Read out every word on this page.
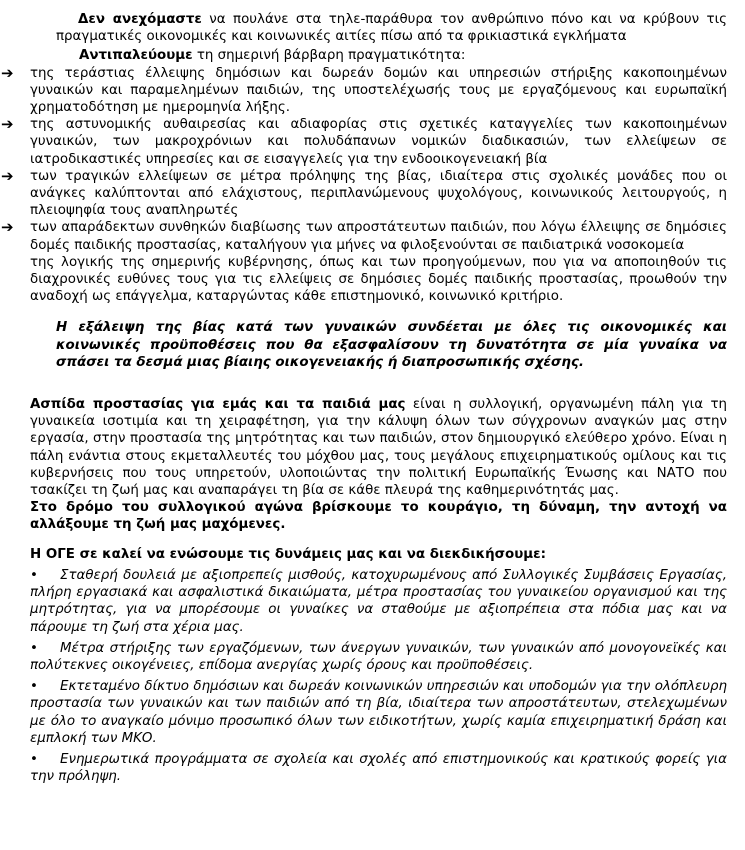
Δεν ανεχόμαστε να πουλάνε στα τηλε-παράθυρα τον ανθρώπινο πόνο και να κρύβουν τις πραγματικές οικονομικές και κοινωνικές αιτίες πίσω από τα φρικιαστικά εγκλήματα

Αντιπαλεύουμε τη σημερινή βάρβαρη πραγματικότητα:

➔ της τεράστιας έλλειψης δημόσιων και δωρεάν δομών και υπηρεσιών στήριξης κακοποιημένων γυναικών και παραμελημένων παιδιών, της υποστελέχωσής τους με εργαζόμενους και ευρωπαϊκή χρηματοδότηση με ημερομηνία λήξης.
➔ της αστυνομικής αυθαιρεσίας και αδιαφορίας στις σχετικές καταγγελίες των κακοποιημένων γυναικών, των μακροχρόνιων και πολυδάπανων νομικών διαδικασιών, των ελλείψεων σε ιατροδικαστικές υπηρεσίες και σε εισαγγελείς για την ενδοοικογενειακή βία
➔ των τραγικών ελλείψεων σε μέτρα πρόληψης της βίας, ιδιαίτερα στις σχολικές μονάδες που οι ανάγκες καλύπτονται από ελάχιστους, περιπλανώμενους ψυχολόγους, κοινωνικούς λειτουργούς, η πλειοψηφία τους αναπληρωτές
➔ των απαράδεκτων συνθηκών διαβίωσης των απροστάτευτων παιδιών, που λόγω έλλειψης σε δημόσιες δομές παιδικής προστασίας, καταλήγουν για μήνες να φιλοξενούνται σε παιδιατρικά νοσοκομεία
της λογικής της σημερινής κυβέρνησης, όπως και των προηγούμενων, που για να αποποιηθούν τις διαχρονικές ευθύνες τους για τις ελλείψεις σε δημόσιες δομές παιδικής προστασίας, προωθούν την αναδοχή ως επάγγελμα, καταργώντας κάθε επιστημονικό, κοινωνικό κριτήριο.

Η εξάλειψη της βίας κατά των γυναικών συνδέεται με όλες τις οικονομικές και κοινωνικές προϋποθέσεις που θα εξασφαλίσουν τη δυνατότητα σε μία γυναίκα να σπάσει τα δεσμά μιας βίαιης οικογενειακής ή διαπροσωπικής σχέσης.

Ασπίδα προστασίας για εμάς και τα παιδιά μας είναι η συλλογική, οργανωμένη πάλη για τη γυναικεία ισοτιμία και τη χειραφέτηση, για την κάλυψη όλων των σύγχρονων αναγκών μας στην εργασία, στην προστασία της μητρότητας και των παιδιών, στον δημιουργικό ελεύθερο χρόνο. Είναι η πάλη ενάντια στους εκμεταλλευτές του μόχθου μας, τους μεγάλους επιχειρηματικούς ομίλους και τις κυβερνήσεις που τους υπηρετούν, υλοποιώντας την πολιτική Ευρωπαϊκής Ένωσης και ΝΑΤΟ που τσακίζει τη ζωή μας και αναπαράγει τη βία σε κάθε πλευρά της καθημερινότητάς μας.

Στο δρόμο του συλλογικού αγώνα βρίσκουμε το κουράγιο, τη δύναμη, την αντοχή να αλλάξουμε τη ζωή μας μαχόμενες.

Η ΟΓΕ σε καλεί να ενώσουμε τις δυνάμεις μας και να διεκδικήσουμε:

• Σταθερή δουλειά με αξιοπρεπείς μισθούς, κατοχυρωμένους από Συλλογικές Συμβάσεις Εργασίας, πλήρη εργασιακά και ασφαλιστικά δικαιώματα, μέτρα προστασίας του γυναικείου οργανισμού και της μητρότητας, για να μπορέσουμε οι γυναίκες να σταθούμε με αξιοπρέπεια στα πόδια μας και να πάρουμε τη ζωή στα χέρια μας.

• Μέτρα στήριξης των εργαζόμενων, των άνεργων γυναικών, των γυναικών από μονογονεϊκές και πολύτεκνες οικογένειες, επίδομα ανεργίας χωρίς όρους και προϋποθέσεις.

• Εκτεταμένο δίκτυο δημόσιων και δωρεάν κοινωνικών υπηρεσιών και υποδομών για την ολόπλευρη προστασία των γυναικών και των παιδιών από τη βία, ιδιαίτερα των απροστάτευτων, στελεχωμένων με όλο το αναγκαίο μόνιμο προσωπικό όλων των ειδικοτήτων, χωρίς καμία επιχειρηματική δράση και εμπλοκή των ΜΚΟ.

• Ενημερωτικά προγράμματα σε σχολεία και σχολές από επιστημονικούς και κρατικούς φορείς για την πρόληψη.
